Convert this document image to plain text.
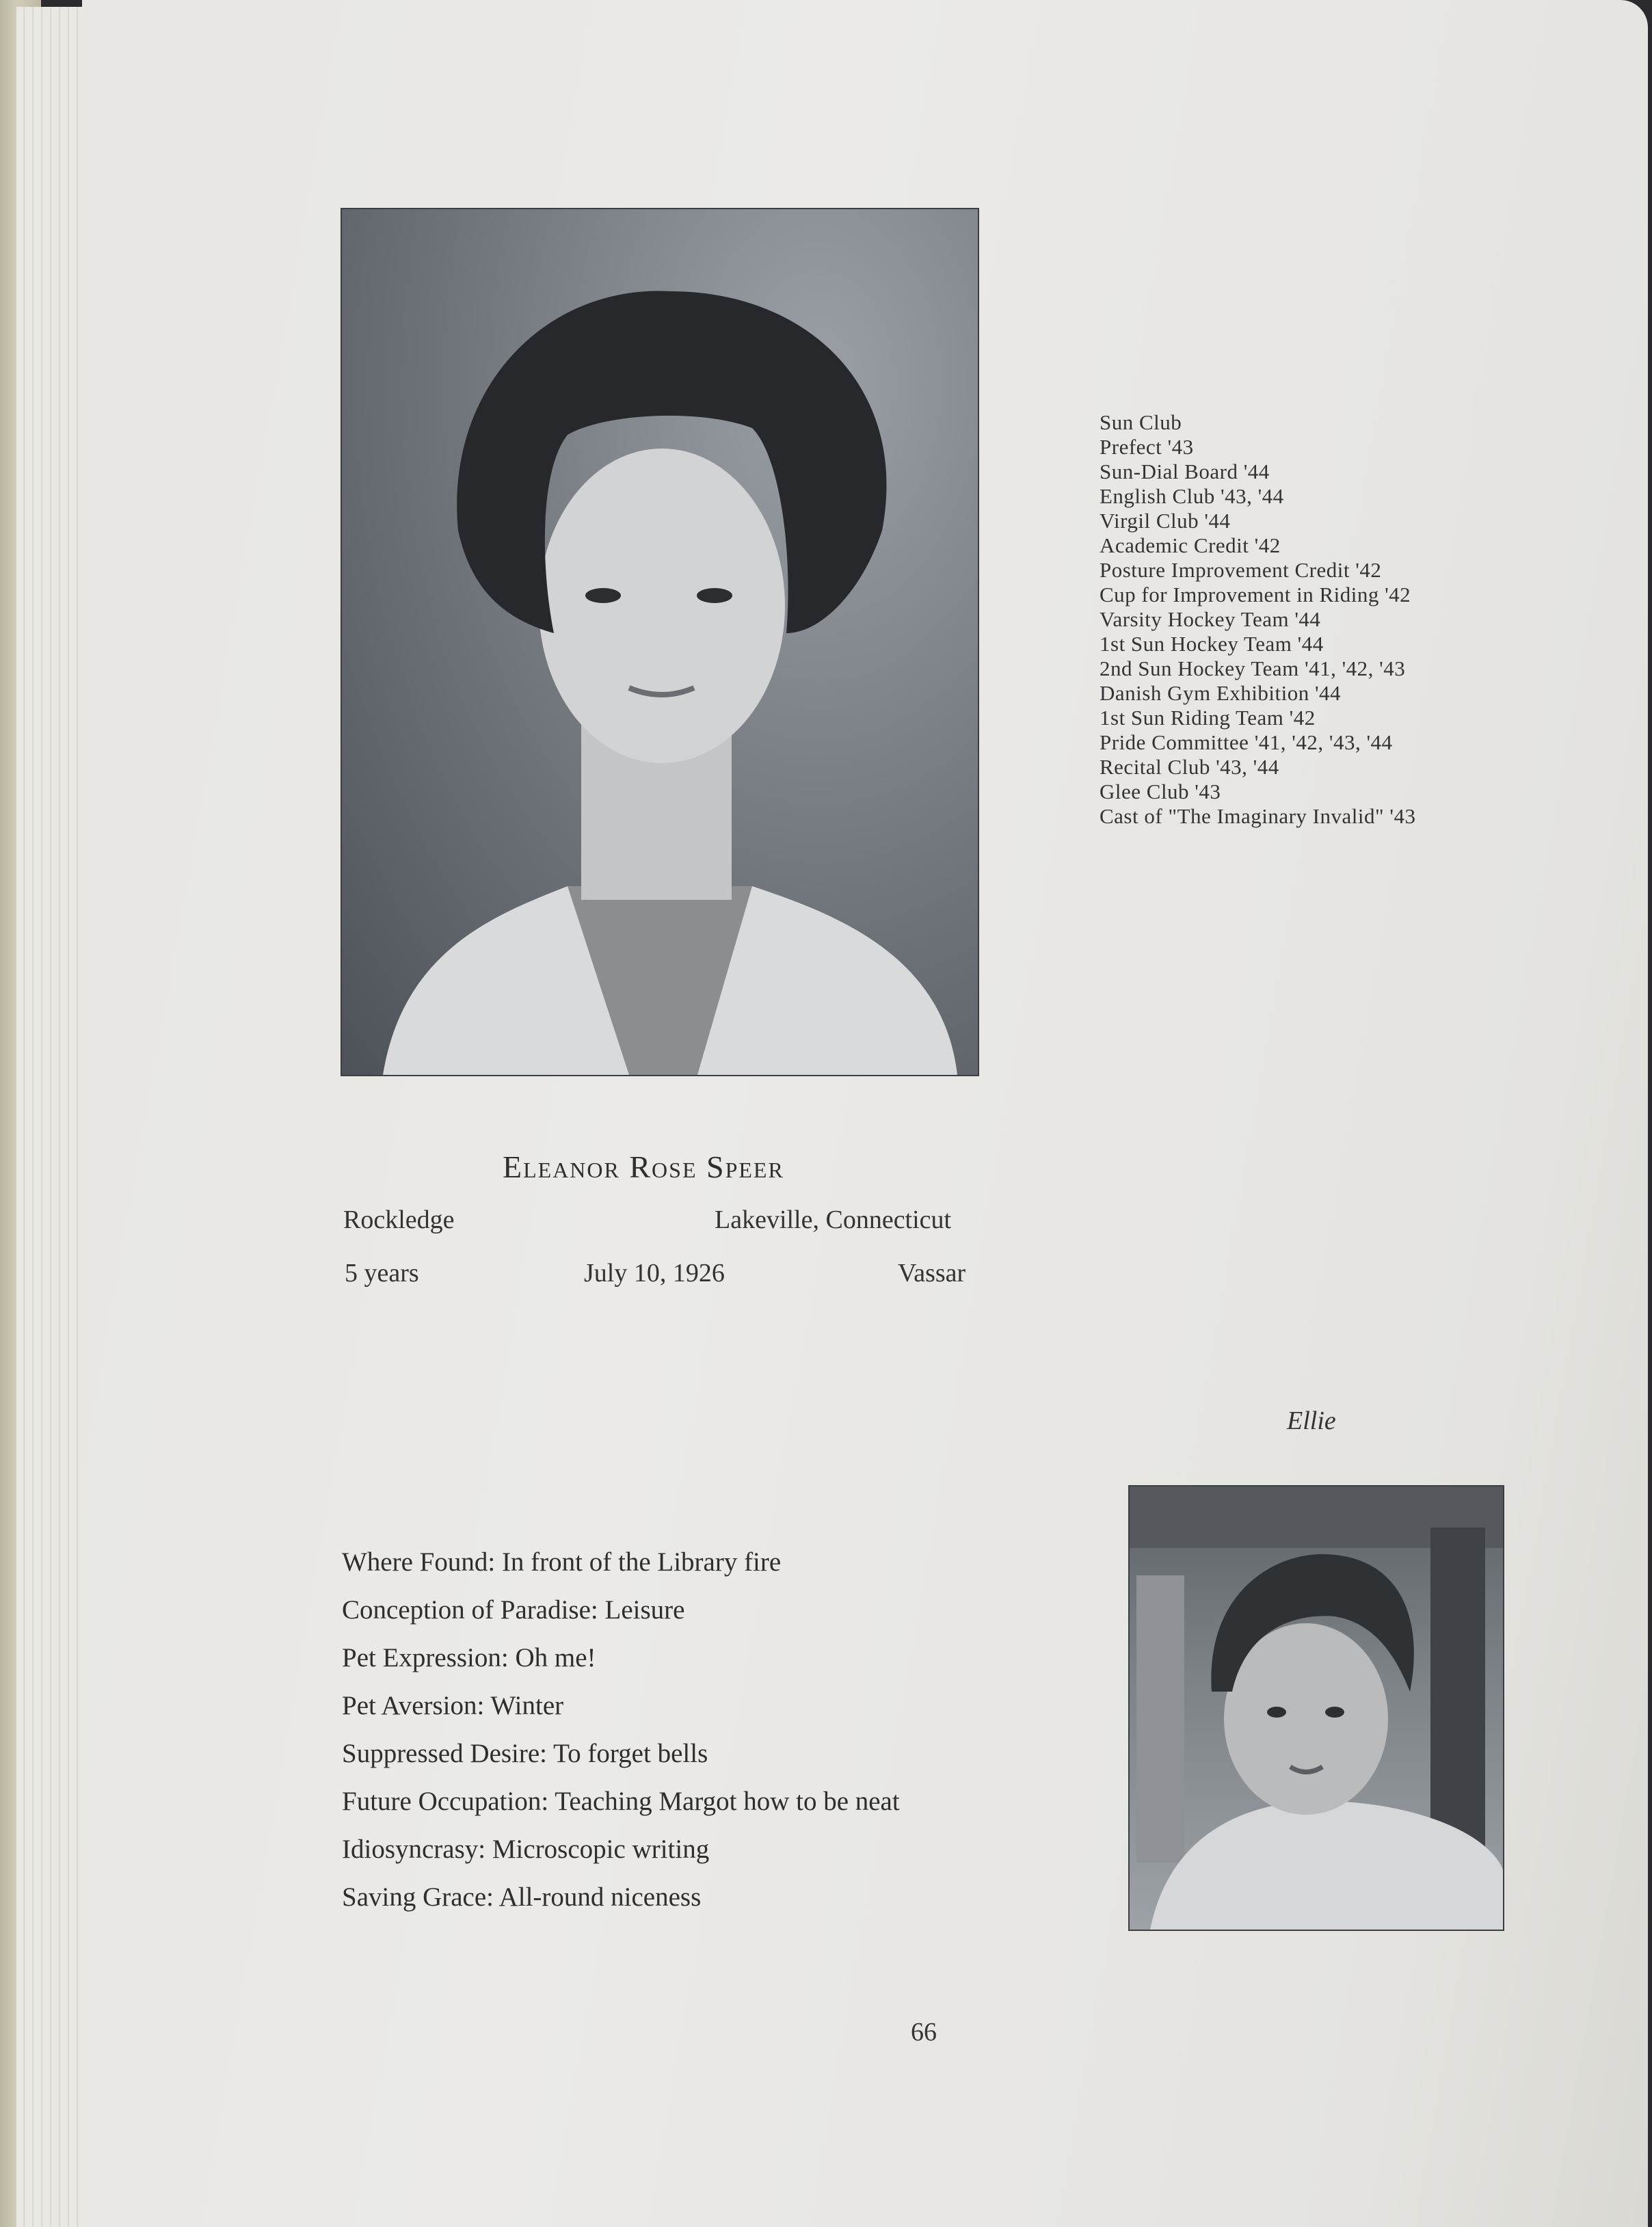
Sun Club
Prefect '43
Sun-Dial Board '44
English Club '43, '44
Virgil Club '44
Academic Credit '42
Posture Improvement Credit '42
Cup for Improvement in Riding '42
Varsity Hockey Team '44
1st Sun Hockey Team '44
2nd Sun Hockey Team '41, '42, '43
Danish Gym Exhibition '44
1st Sun Riding Team '42
Pride Committee '41, '42, '43, '44
Recital Club '43, '44
Glee Club '43
Cast of "The Imaginary Invalid" '43
Eleanor Rose Speer
Rockledge	Lakeville, Connecticut
5 years	July 10, 1926	Vassar
Ellie
Where Found: In front of the Library fire
Conception of Paradise: Leisure
Pet Expression: Oh me!
Pet Aversion: Winter
Suppressed Desire: To forget bells
Future Occupation: Teaching Margot how to be neat
Idiosyncrasy: Microscopic writing
Saving Grace: All-round niceness
66
